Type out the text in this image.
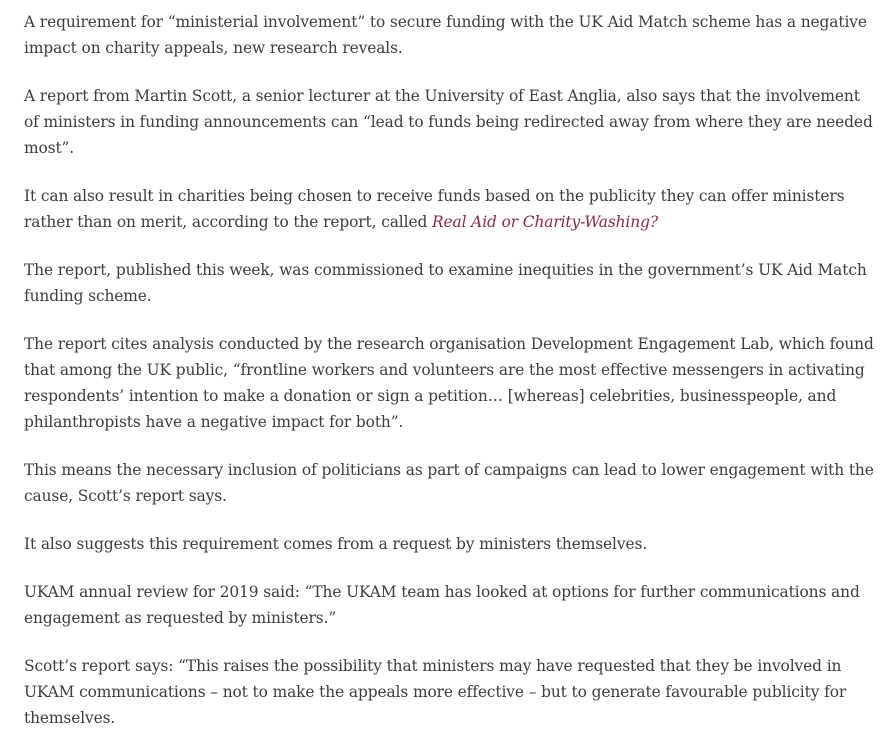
A requirement for “ministerial involvement” to secure funding with the UK Aid Match scheme has a negative impact on charity appeals, new research reveals.

A report from Martin Scott, a senior lecturer at the University of East Anglia, also says that the involvement of ministers in funding announcements can “lead to funds being redirected away from where they are needed most”.

It can also result in charities being chosen to receive funds based on the publicity they can offer ministers rather than on merit, according to the report, called Real Aid or Charity-Washing?

The report, published this week, was commissioned to examine inequities in the government’s UK Aid Match funding scheme.

The report cites analysis conducted by the research organisation Development Engagement Lab, which found that among the UK public, “frontline workers and volunteers are the most effective messengers in activating respondents’ intention to make a donation or sign a petition… [whereas] celebrities, businesspeople, and philanthropists have a negative impact for both”.

This means the necessary inclusion of politicians as part of campaigns can lead to lower engagement with the cause, Scott’s report says.

It also suggests this requirement comes from a request by ministers themselves.

UKAM annual review for 2019 said: “The UKAM team has looked at options for further communications and engagement as requested by ministers.”

Scott’s report says: “This raises the possibility that ministers may have requested that they be involved in UKAM communications – not to make the appeals more effective – but to generate favourable publicity for themselves.
